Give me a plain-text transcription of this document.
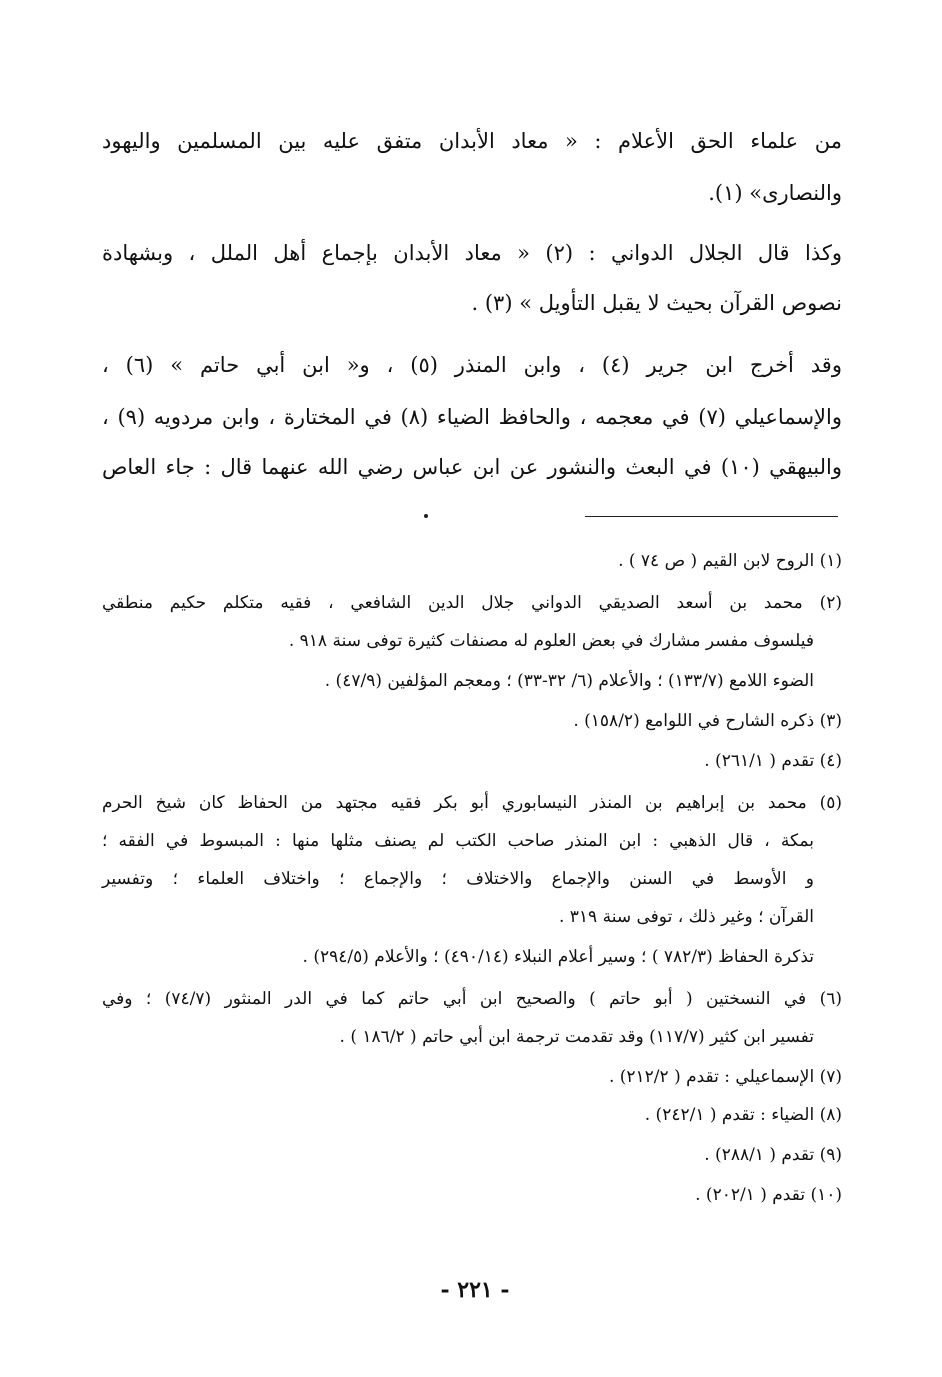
من علماء الحق الأعلام : « معاد الأبدان متفق عليه بين المسلمين واليهود
والنصارى» (١).
وكذا قال الجلال الدواني : (٢) « معاد الأبدان بإجماع أهل الملل ، وبشهادة
نصوص القرآن بحيث لا يقبل التأويل » (٣) .
وقد أخرج ابن جرير (٤) ، وابن المنذر (٥) ، و« ابن أبي حاتم » (٦) ،
والإسماعيلي (٧) في معجمه ، والحافظ الضياء (٨) في المختارة ، وابن مردويه (٩) ،
والبيهقي (١٠) في البعث والنشور عن ابن عباس رضي الله عنهما قال : جاء العاص
(١) الروح لابن القيم ( ص ٧٤ ) .
(٢) محمد بن أسعد الصديقي الدواني جلال الدين الشافعي ، فقيه متكلم حكيم منطقي
فيلسوف مفسر مشارك في بعض العلوم له مصنفات كثيرة توفى سنة ٩١٨ .
الضوء اللامع (١٣٣/٧) ؛ والأعلام (٦/ ٣٢-٣٣) ؛ ومعجم المؤلفين (٤٧/٩) .
(٣) ذكره الشارح في اللوامع (١٥٨/٢) .
(٤) تقدم ( ٢٦١/١) .
(٥) محمد بن إبراهيم بن المنذر النيسابوري أبو بكر فقيه مجتهد من الحفاظ كان شيخ الحرم
بمكة ، قال الذهبي : ابن المنذر صاحب الكتب لم يصنف مثلها منها : المبسوط في الفقه ؛
و الأوسط في السنن والإجماع والاختلاف ؛ والإجماع ؛ واختلاف العلماء ؛ وتفسير
القرآن ؛ وغير ذلك ، توفى سنة ٣١٩ .
تذكرة الحفاظ (٧٨٢/٣ ) ؛ وسير أعلام النبلاء (٤٩٠/١٤) ؛ والأعلام (٢٩٤/٥) .
(٦) في النسختين ( أبو حاتم ) والصحيح ابن أبي حاتم كما في الدر المنثور (٧٤/٧) ؛ وفي
تفسير ابن كثير (١١٧/٧) وقد تقدمت ترجمة ابن أبي حاتم ( ١٨٦/٢ ) .
(٧) الإسماعيلي : تقدم ( ٢١٢/٢) .
(٨) الضياء : تقدم ( ٢٤٢/١) .
(٩) تقدم ( ٢٨٨/١) .
(١٠) تقدم ( ٢٠٢/١) .
- ٢٢١ -
